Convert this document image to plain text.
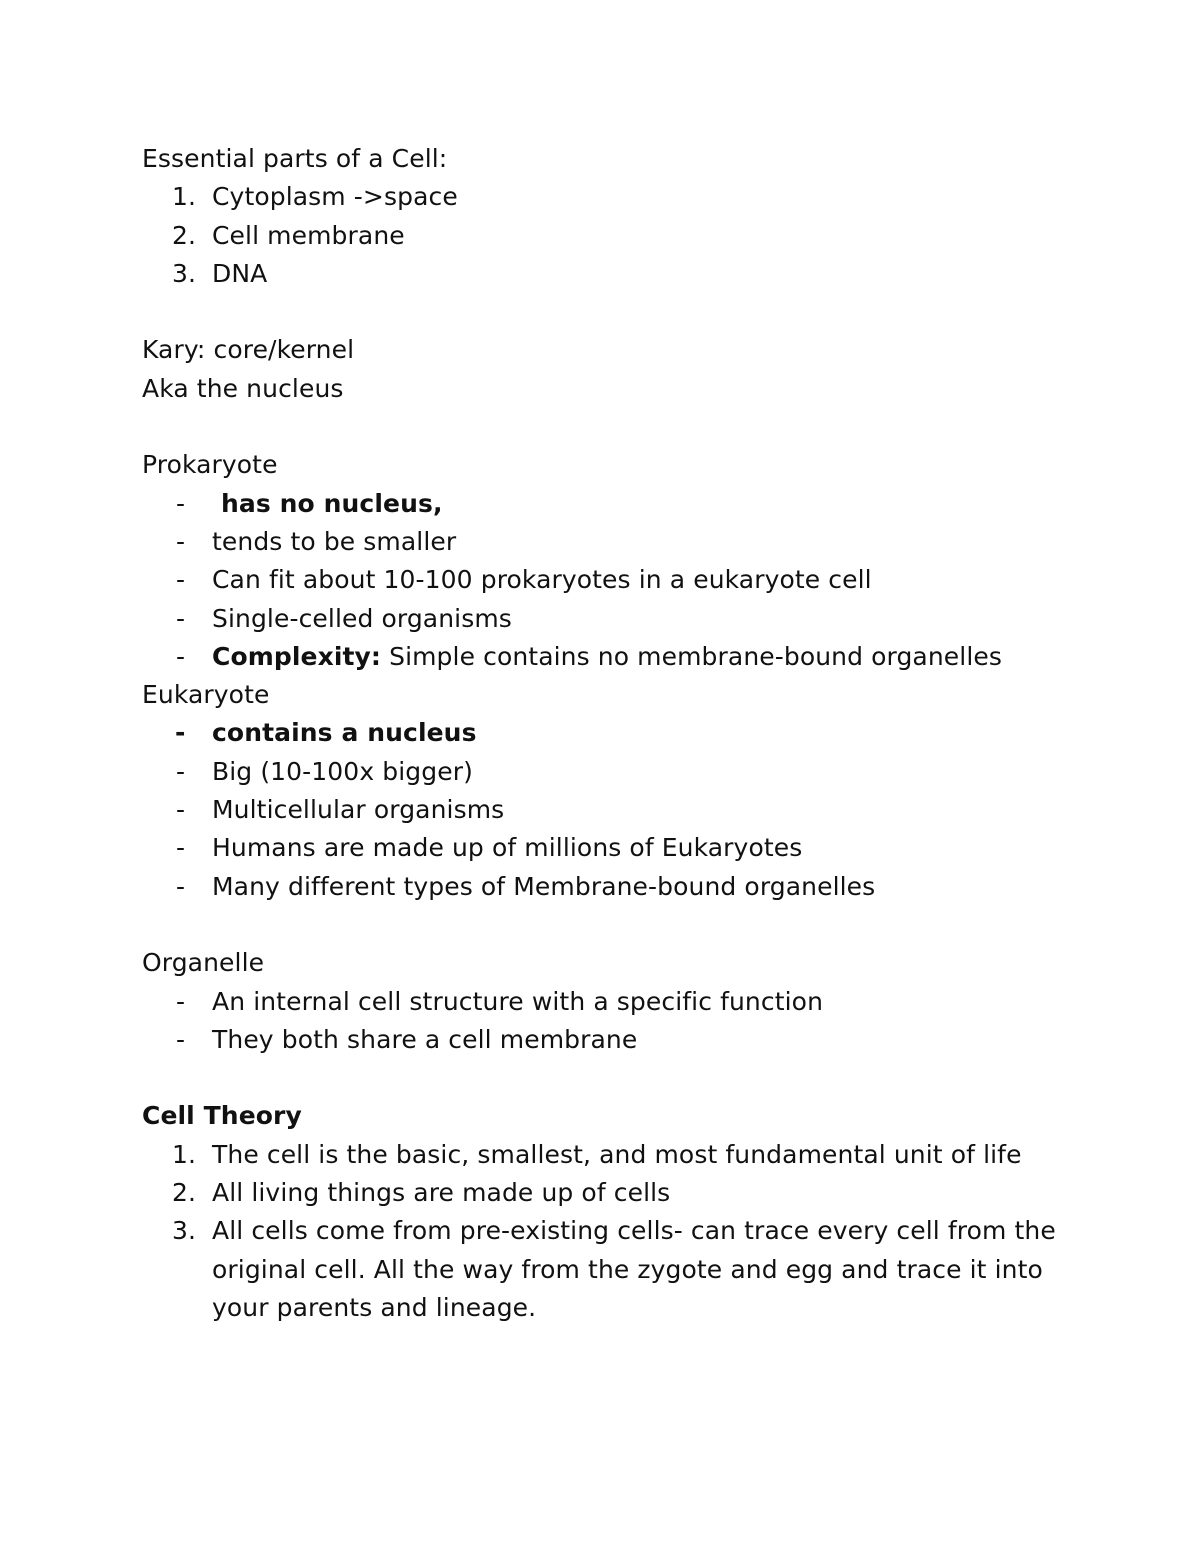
Essential parts of a Cell:

1. Cytoplasm ->space
2. Cell membrane
3. DNA

Kary: core/kernel

Aka the nucleus

Prokaryote

-	has no nucleus,
-	tends to be smaller
-	Can fit about 10-100 prokaryotes in a eukaryote cell
-	Single-celled organisms
-	Complexity: Simple contains no membrane-bound organelles

Eukaryote

-	contains a nucleus
-	Big (10-100x bigger)
-	Multicellular organisms
-	Humans are made up of millions of Eukaryotes
-	Many different types of Membrane-bound organelles

Organelle

-	An internal cell structure with a specific function
-	They both share a cell membrane

Cell Theory

1. The cell is the basic, smallest, and most fundamental unit of life
2. All living things are made up of cells
3. All cells come from pre-existing cells- can trace every cell from the original cell. All the way from the zygote and egg and trace it into your parents and lineage.
